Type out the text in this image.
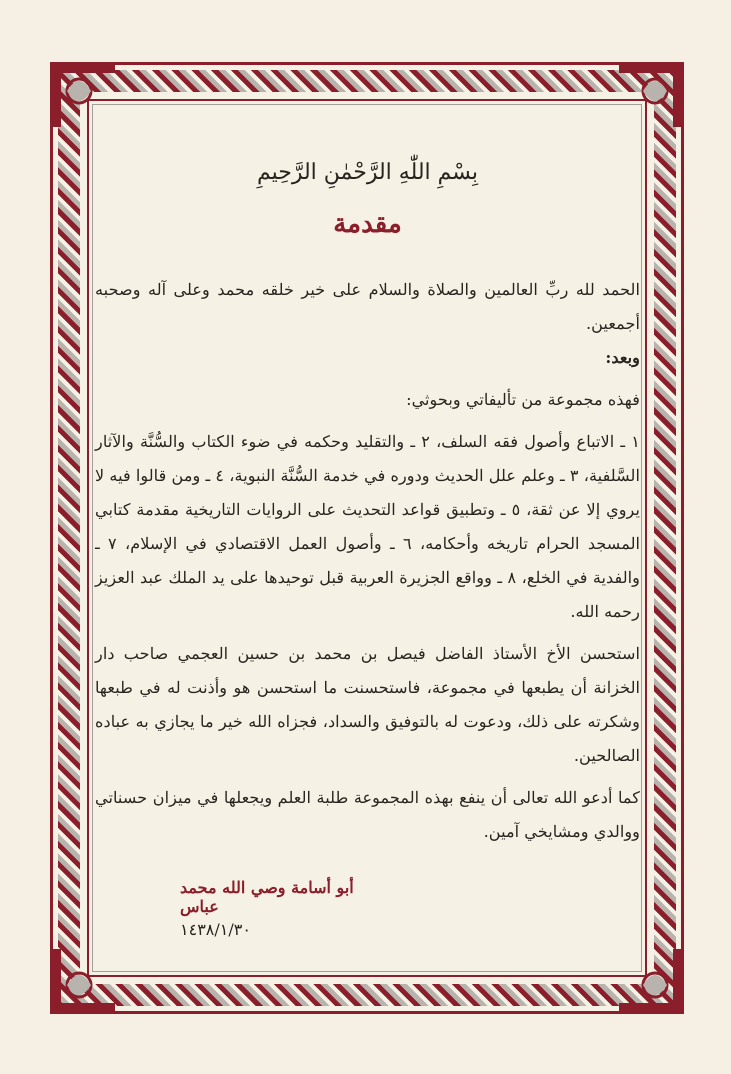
بِسْمِ اللّٰهِ الرَّحْمٰنِ الرَّحِيمِ
مقدمة

الحمد لله ربِّ العالمين والصلاة والسلام على خير خلقه محمد وعلى آله وصحبه أجمعين.

وبعد:

فهذه مجموعة من تأليفاتي وبحوثي:

١ ـ الاتباع وأصول فقه السلف، ٢ ـ والتقليد وحكمه في ضوء الكتاب والسُّنَّة والآثار السَّلفية، ٣ ـ وعلم علل الحديث ودوره في خدمة السُّنَّة النبوية، ٤ ـ ومن قالوا فيه لا يروي إلا عن ثقة، ٥ ـ وتطبيق قواعد التحديث على الروايات التاريخية مقدمة كتابي المسجد الحرام تاريخه وأحكامه، ٦ ـ وأصول العمل الاقتصادي في الإسلام، ٧ ـ والفدية في الخلع، ٨ ـ وواقع الجزيرة العربية قبل توحيدها على يد الملك عبد العزيز رحمه الله.

استحسن الأخ الأستاذ الفاضل فيصل بن محمد بن حسين العجمي صاحب دار الخزانة أن يطبعها في مجموعة، فاستحسنت ما استحسن هو وأذنت له في طبعها وشكرته على ذلك، ودعوت له بالتوفيق والسداد، فجزاه الله خير ما يجازي به عباده الصالحين.

كما أدعو الله تعالى أن ينفع بهذه المجموعة طلبة العلم ويجعلها في ميزان حسناتي ووالدي ومشايخي آمين.

أبو أسامة وصي الله محمد عباس
١٤٣٨/١/٣٠
